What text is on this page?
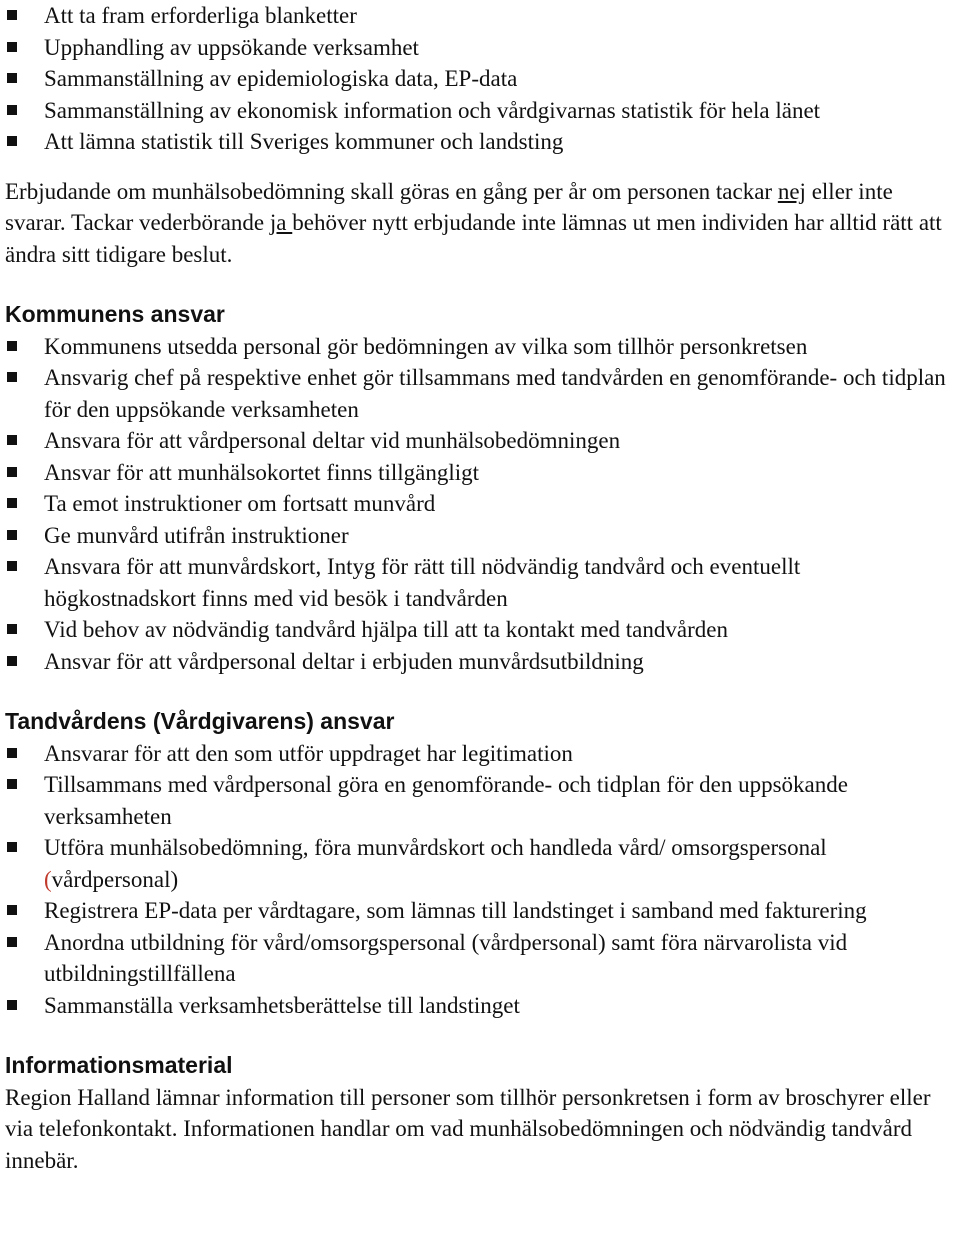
Att ta fram erforderliga blanketter
Upphandling av uppsökande verksamhet
Sammanställning av epidemiologiska data, EP-data
Sammanställning av ekonomisk information och vårdgivarnas statistik för hela länet
Att lämna statistik till Sveriges kommuner och landsting

Erbjudande om munhälsobedömning skall göras en gång per år om personen tackar nej eller inte svarar. Tackar vederbörande ja behöver nytt erbjudande inte lämnas ut men individen har alltid rätt att ändra sitt tidigare beslut.

Kommunens ansvar
Kommunens utsedda personal gör bedömningen av vilka som tillhör personkretsen
Ansvarig chef på respektive enhet gör tillsammans med tandvården en genomförande- och tidplan för den uppsökande verksamheten
Ansvara för att vårdpersonal deltar vid munhälsobedömningen
Ansvar för att munhälsokortet finns tillgängligt
Ta emot instruktioner om fortsatt munvård
Ge munvård utifrån instruktioner
Ansvara för att munvårdskort, Intyg för rätt till nödvändig tandvård och eventuellt högkostnadskort finns med vid besök i tandvården
Vid behov av nödvändig tandvård hjälpa till att ta kontakt med tandvården
Ansvar för att vårdpersonal deltar i erbjuden munvårdsutbildning
Tandvårdens (Vårdgivarens) ansvar
Ansvarar för att den som utför uppdraget har legitimation
Tillsammans med vårdpersonal göra en genomförande- och tidplan för den uppsökande verksamheten
Utföra munhälsobedömning, föra munvårdskort och handleda vård/ omsorgspersonal (vårdpersonal)
Registrera EP-data per vårdtagare, som lämnas till landstinget i samband med fakturering
Anordna utbildning för vård/omsorgspersonal (vårdpersonal) samt föra närvarolista vid utbildningstillfällena
Sammanställa verksamhetsberättelse till landstinget
Informationsmaterial

Region Halland lämnar information till personer som tillhör personkretsen i form av broschyrer eller via telefonkontakt. Informationen handlar om vad munhälsobedömningen och nödvändig tandvård innebär.
